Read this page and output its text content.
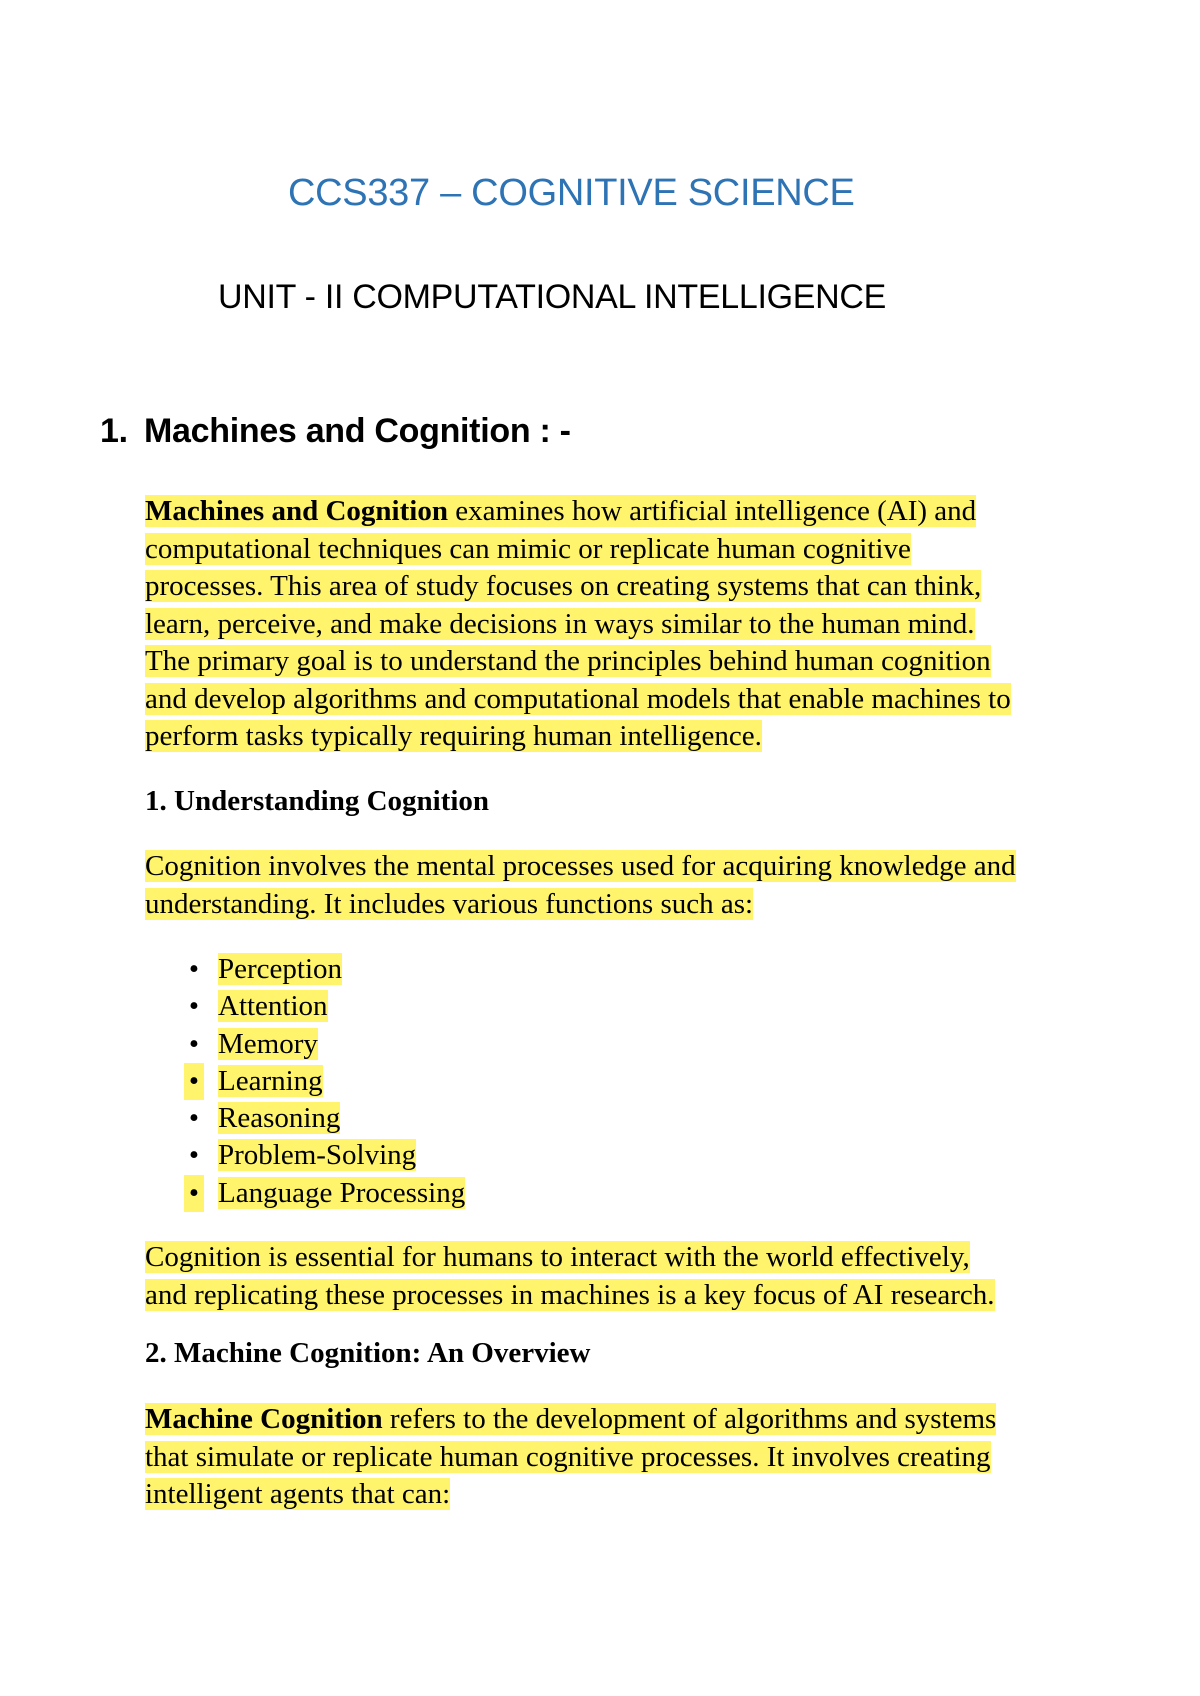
CCS337 – COGNITIVE SCIENCE
UNIT - II COMPUTATIONAL INTELLIGENCE
1. Machines and Cognition : -
Machines and Cognition examines how artificial intelligence (AI) and
computational techniques can mimic or replicate human cognitive
processes. This area of study focuses on creating systems that can think,
learn, perceive, and make decisions in ways similar to the human mind.
The primary goal is to understand the principles behind human cognition
and develop algorithms and computational models that enable machines to
perform tasks typically requiring human intelligence.
1. Understanding Cognition
Cognition involves the mental processes used for acquiring knowledge and
understanding. It includes various functions such as:
• Perception
• Attention
• Memory
• Learning
• Reasoning
• Problem-Solving
• Language Processing
Cognition is essential for humans to interact with the world effectively,
and replicating these processes in machines is a key focus of AI research.
2. Machine Cognition: An Overview
Machine Cognition refers to the development of algorithms and systems
that simulate or replicate human cognitive processes. It involves creating
intelligent agents that can:
